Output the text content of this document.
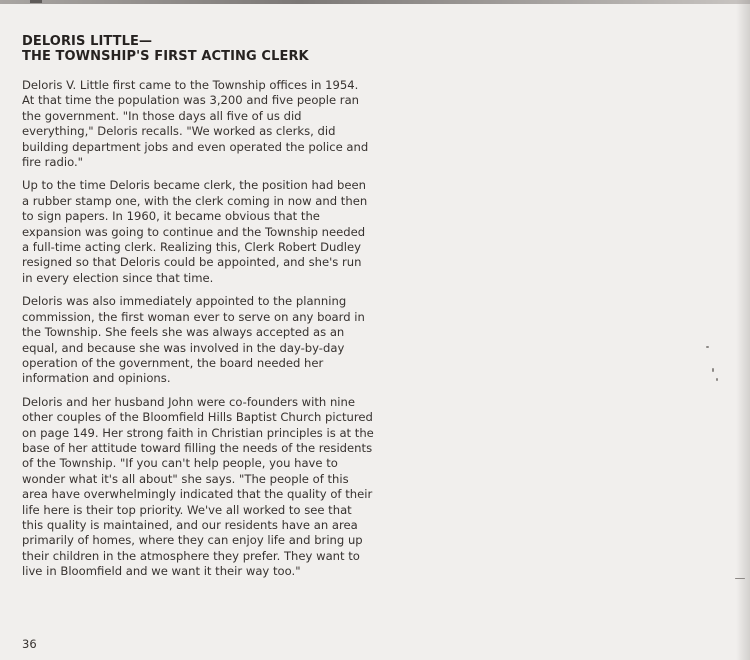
DELORIS LITTLE—
THE TOWNSHIP'S FIRST ACTING CLERK

Deloris V. Little first came to the Township offices in 1954. At that time the population was 3,200 and five people ran the government. "In those days all five of us did everything," Deloris recalls. "We worked as clerks, did building department jobs and even operated the police and fire radio."

Up to the time Deloris became clerk, the position had been a rubber stamp one, with the clerk coming in now and then to sign papers. In 1960, it became obvious that the expansion was going to continue and the Township needed a full-time acting clerk. Realizing this, Clerk Robert Dudley resigned so that Deloris could be appointed, and she's run in every election since that time.

Deloris was also immediately appointed to the planning commission, the first woman ever to serve on any board in the Township. She feels she was always accepted as an equal, and because she was involved in the day-by-day operation of the government, the board needed her information and opinions.

Deloris and her husband John were co-founders with nine other couples of the Bloomfield Hills Baptist Church pictured on page 149. Her strong faith in Christian principles is at the base of her attitude toward filling the needs of the residents of the Township. "If you can't help people, you have to wonder what it's all about" she says. "The people of this area have overwhelmingly indicated that the quality of their life here is their top priority. We've all worked to see that this quality is maintained, and our residents have an area primarily of homes, where they can enjoy life and bring up their children in the atmosphere they prefer. They want to live in Bloomfield and we want it their way too."

36
